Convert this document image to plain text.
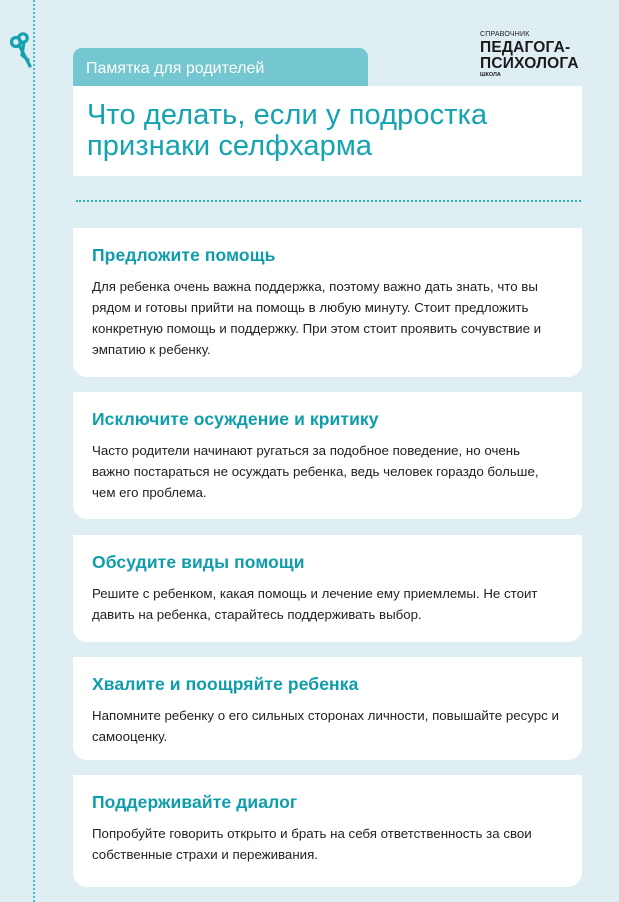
СПРАВОЧНИК
ПЕДАГОГА-
ПСИХОЛОГА
ШКОЛА
Памятка для родителей
Что делать, если у подростка признаки селфхарма
Предложите помощь

Для ребенка очень важна поддержка, поэтому важно дать знать, что вы рядом и готовы прийти на помощь в любую минуту. Стоит предложить конкретную помощь и поддержку. При этом стоит проявить сочувствие и эмпатию к ребенку.

Исключите осуждение и критику

Часто родители начинают ругаться за подобное поведение, но очень важно постараться не осуждать ребенка, ведь человек гораздо больше, чем его проблема.

Обсудите виды помощи

Решите с ребенком, какая помощь и лечение ему приемлемы. Не стоит давить на ребенка, старайтесь поддерживать выбор.

Хвалите и поощряйте ребенка

Напомните ребенку о его сильных сторонах личности, повышайте ресурс и самооценку.

Поддерживайте диалог

Попробуйте говорить открыто и брать на себя ответственность за свои собственные страхи и переживания.
